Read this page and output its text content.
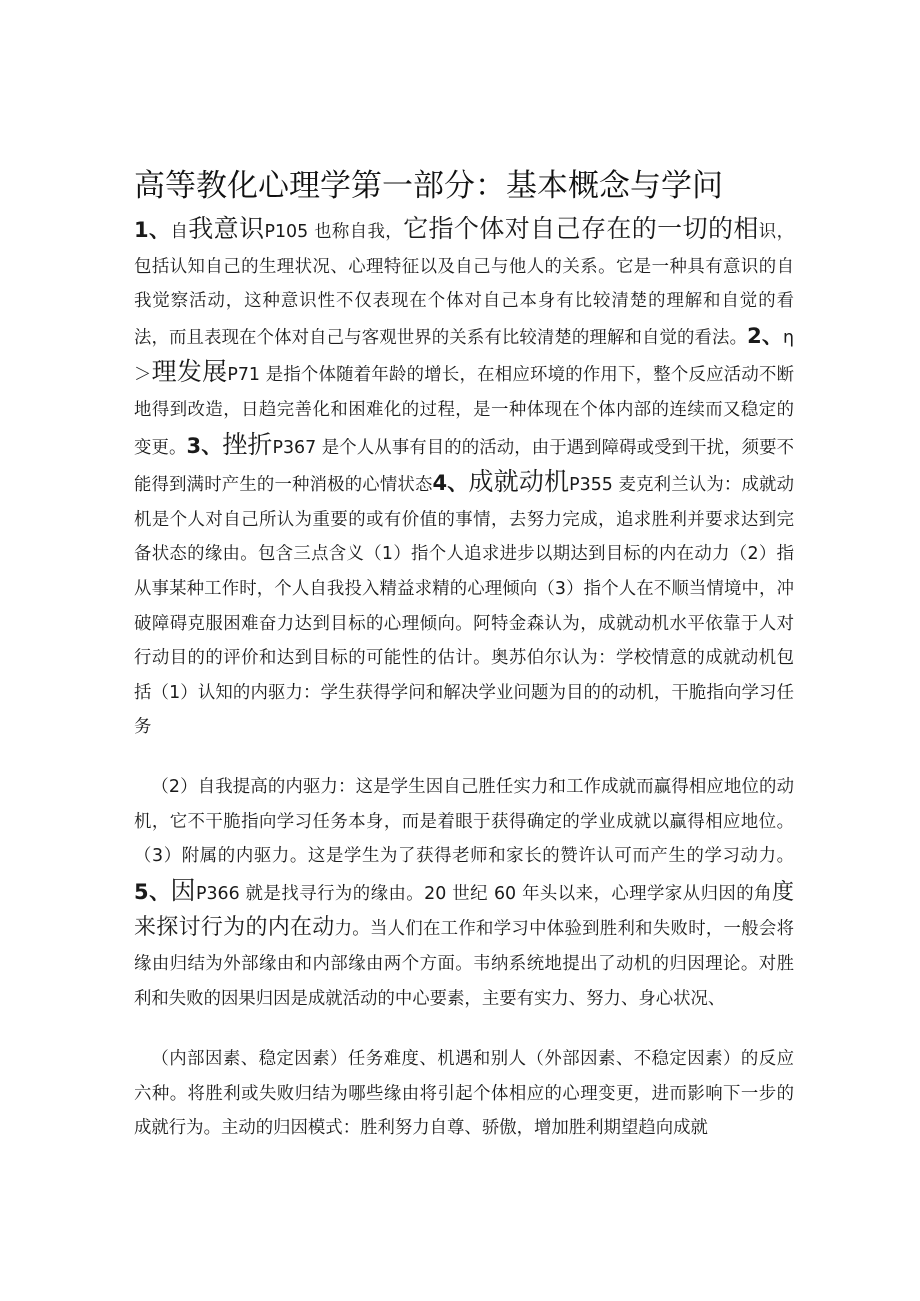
高等教化心理学第一部分：基本概念与学问
1、自我意识P105 也称自我，它指个体对自己存在的一切的相识，包括认知自己的生理状况、心理特征以及自己与他人的关系。它是一种具有意识的自我觉察活动，这种意识性不仅表现在个体对自己本身有比较清楚的理解和自觉的看法，而且表现在个体对自己与客观世界的关系有比较清楚的理解和自觉的看法。2、η＞理发展P71 是指个体随着年龄的增长，在相应环境的作用下，整个反应活动不断地得到改造，日趋完善化和困难化的过程，是一种体现在个体内部的连续而又稳定的变更。3、挫折P367 是个人从事有目的的活动，由于遇到障碍或受到干扰，须要不能得到满时产生的一种消极的心情状态4、成就动机P355 麦克利兰认为：成就动机是个人对自己所认为重要的或有价值的事情，去努力完成，追求胜利并要求达到完备状态的缘由。包含三点含义（1）指个人追求进步以期达到目标的内在动力（2）指从事某种工作时，个人自我投入精益求精的心理倾向（3）指个人在不顺当情境中，冲破障碍克服困难奋力达到目标的心理倾向。阿特金森认为，成就动机水平依靠于人对行动目的的评价和达到目标的可能性的估计。奥苏伯尔认为：学校情意的成就动机包括（1）认知的内驱力：学生获得学问和解决学业问题为目的的动机，干脆指向学习任务
（2）自我提高的内驱力：这是学生因自己胜任实力和工作成就而赢得相应地位的动机，它不干脆指向学习任务本身，而是着眼于获得确定的学业成就以赢得相应地位。（3）附属的内驱力。这是学生为了获得老师和家长的赞许认可而产生的学习动力。5、因P366 就是找寻行为的缘由。20 世纪 60 年头以来，心理学家从归因的角度来探讨行为的内在动力。当人们在工作和学习中体验到胜利和失败时，一般会将缘由归结为外部缘由和内部缘由两个方面。韦纳系统地提出了动机的归因理论。对胜利和失败的因果归因是成就活动的中心要素，主要有实力、努力、身心状况、
（内部因素、稳定因素）任务难度、机遇和别人（外部因素、不稳定因素）的反应六种。将胜利或失败归结为哪些缘由将引起个体相应的心理变更，进而影响下一步的成就行为。主动的归因模式：胜利努力自尊、骄傲，增加胜利期望趋向成就
